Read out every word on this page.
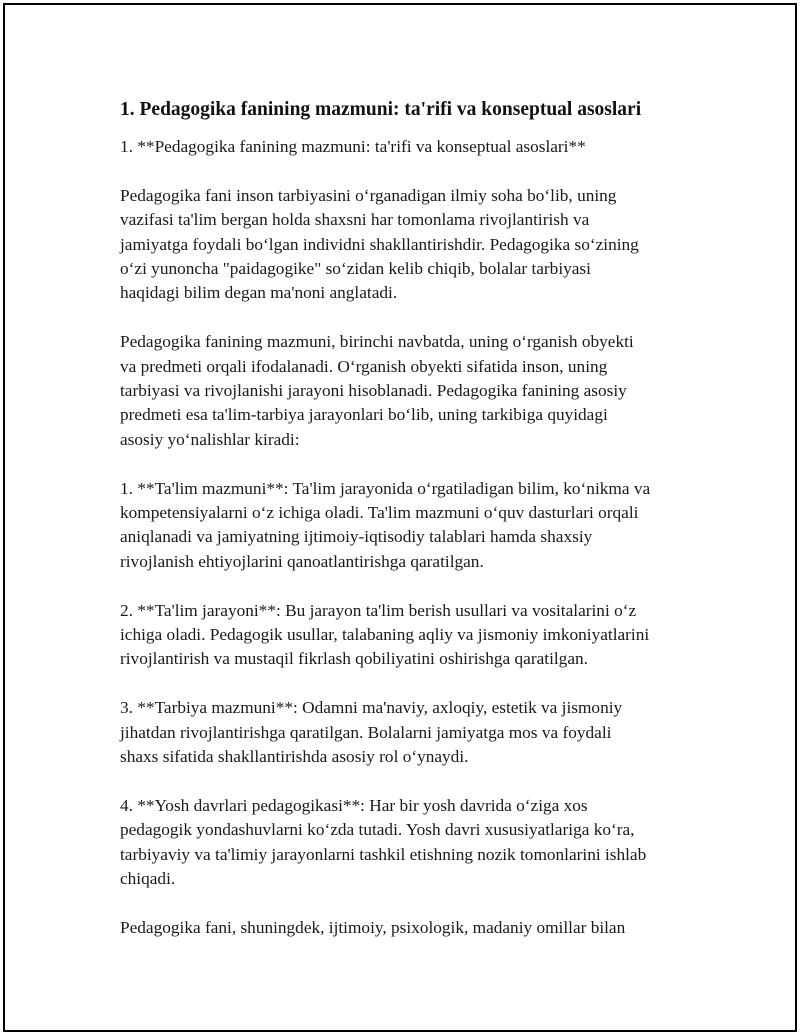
1. Pedagogika fanining mazmuni: ta'rifi va konseptual asoslari

1. **Pedagogika fanining mazmuni: ta'rifi va konseptual asoslari**

Pedagogika fani inson tarbiyasini oʻrganadigan ilmiy soha boʻlib, uning
vazifasi ta'lim bergan holda shaxsni har tomonlama rivojlantirish va
jamiyatga foydali boʻlgan individni shakllantirishdir. Pedagogika soʻzining
oʻzi yunoncha "paidagogike" soʻzidan kelib chiqib, bolalar tarbiyasi
haqidagi bilim degan ma'noni anglatadi.

Pedagogika fanining mazmuni, birinchi navbatda, uning oʻrganish obyekti
va predmeti orqali ifodalanadi. Oʻrganish obyekti sifatida inson, uning
tarbiyasi va rivojlanishi jarayoni hisoblanadi. Pedagogika fanining asosiy
predmeti esa ta'lim-tarbiya jarayonlari boʻlib, uning tarkibiga quyidagi
asosiy yoʻnalishlar kiradi:

1. **Ta'lim mazmuni**: Ta'lim jarayonida oʻrgatiladigan bilim, koʻnikma va
kompetensiyalarni oʻz ichiga oladi. Ta'lim mazmuni oʻquv dasturlari orqali
aniqlanadi va jamiyatning ijtimoiy-iqtisodiy talablari hamda shaxsiy
rivojlanish ehtiyojlarini qanoatlantirishga qaratilgan.

2. **Ta'lim jarayoni**: Bu jarayon ta'lim berish usullari va vositalarini oʻz
ichiga oladi. Pedagogik usullar, talabaning aqliy va jismoniy imkoniyatlarini
rivojlantirish va mustaqil fikrlash qobiliyatini oshirishga qaratilgan.

3. **Tarbiya mazmuni**: Odamni ma'naviy, axloqiy, estetik va jismoniy
jihatdan rivojlantirishga qaratilgan. Bolalarni jamiyatga mos va foydali
shaxs sifatida shakllantirishda asosiy rol oʻynaydi.

4. **Yosh davrlari pedagogikasi**: Har bir yosh davrida oʻziga xos
pedagogik yondashuvlarni koʻzda tutadi. Yosh davri xususiyatlariga koʻra,
tarbiyaviy va ta'limiy jarayonlarni tashkil etishning nozik tomonlarini ishlab
chiqadi.

Pedagogika fani, shuningdek, ijtimoiy, psixologik, madaniy omillar bilan
